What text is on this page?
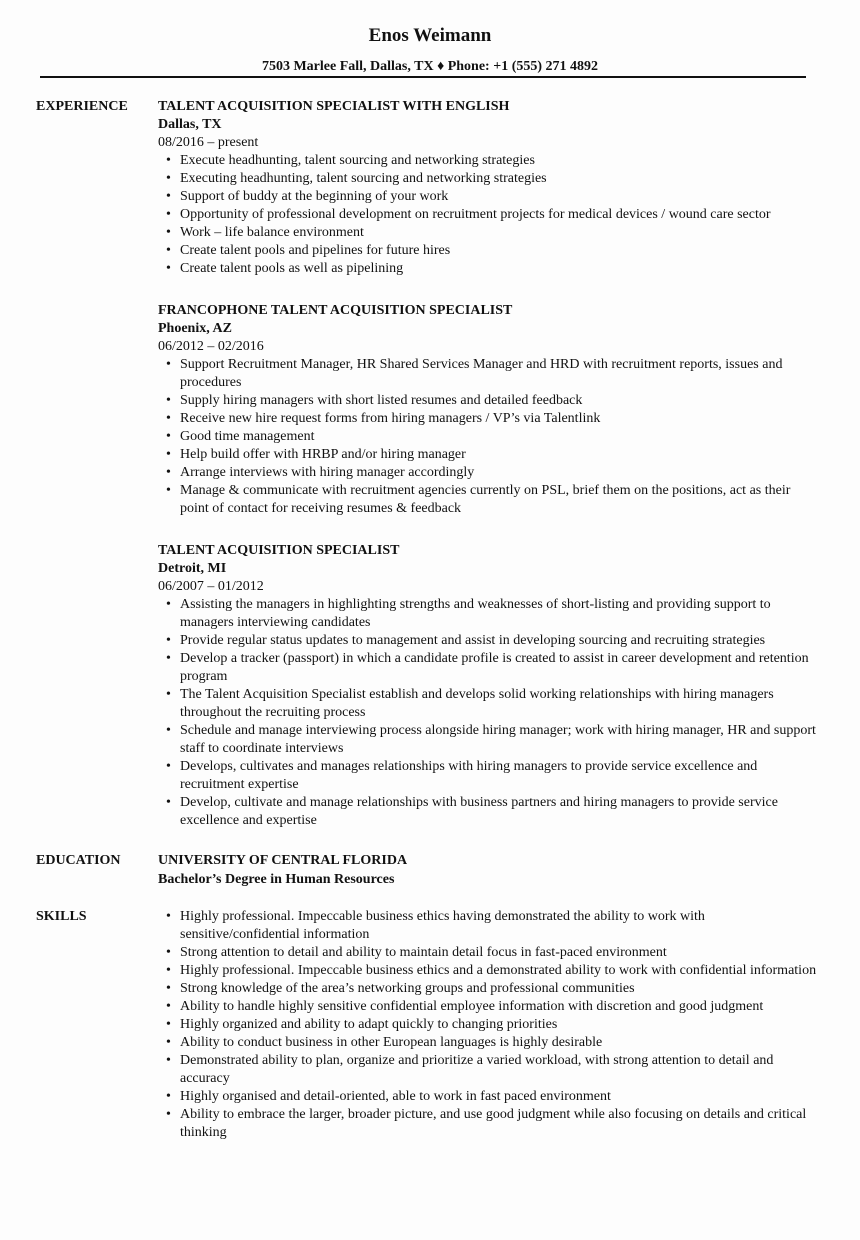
Enos Weimann
7503 Marlee Fall, Dallas, TX ♦ Phone: +1 (555) 271 4892
EXPERIENCE TALENT ACQUISITION SPECIALIST WITH ENGLISH
Dallas, TX
08/2016 – present
• Execute headhunting, talent sourcing and networking strategies
• Executing headhunting, talent sourcing and networking strategies
• Support of buddy at the beginning of your work
• Opportunity of professional development on recruitment projects for medical devices / wound care sector
• Work – life balance environment
• Create talent pools and pipelines for future hires
• Create talent pools as well as pipelining
FRANCOPHONE TALENT ACQUISITION SPECIALIST
Phoenix, AZ
06/2012 – 02/2016
• Support Recruitment Manager, HR Shared Services Manager and HRD with recruitment reports, issues and procedures
• Supply hiring managers with short listed resumes and detailed feedback
• Receive new hire request forms from hiring managers / VP’s via Talentlink
• Good time management
• Help build offer with HRBP and/or hiring manager
• Arrange interviews with hiring manager accordingly
• Manage & communicate with recruitment agencies currently on PSL, brief them on the positions, act as their point of contact for receiving resumes & feedback
TALENT ACQUISITION SPECIALIST
Detroit, MI
06/2007 – 01/2012
• Assisting the managers in highlighting strengths and weaknesses of short-listing and providing support to managers interviewing candidates
• Provide regular status updates to management and assist in developing sourcing and recruiting strategies
• Develop a tracker (passport) in which a candidate profile is created to assist in career development and retention program
• The Talent Acquisition Specialist establish and develops solid working relationships with hiring managers throughout the recruiting process
• Schedule and manage interviewing process alongside hiring manager; work with hiring manager, HR and support staff to coordinate interviews
• Develops, cultivates and manages relationships with hiring managers to provide service excellence and recruitment expertise
• Develop, cultivate and manage relationships with business partners and hiring managers to provide service excellence and expertise
EDUCATION	UNIVERSITY OF CENTRAL FLORIDA
Bachelor’s Degree in Human Resources
SKILLS	• Highly professional. Impeccable business ethics having demonstrated the ability to work with sensitive/confidential information
• Strong attention to detail and ability to maintain detail focus in fast-paced environment
• Highly professional. Impeccable business ethics and a demonstrated ability to work with confidential information
• Strong knowledge of the area’s networking groups and professional communities
• Ability to handle highly sensitive confidential employee information with discretion and good judgment
• Highly organized and ability to adapt quickly to changing priorities
• Ability to conduct business in other European languages is highly desirable
• Demonstrated ability to plan, organize and prioritize a varied workload, with strong attention to detail and accuracy
• Highly organised and detail-oriented, able to work in fast paced environment
• Ability to embrace the larger, broader picture, and use good judgment while also focusing on details and critical thinking
